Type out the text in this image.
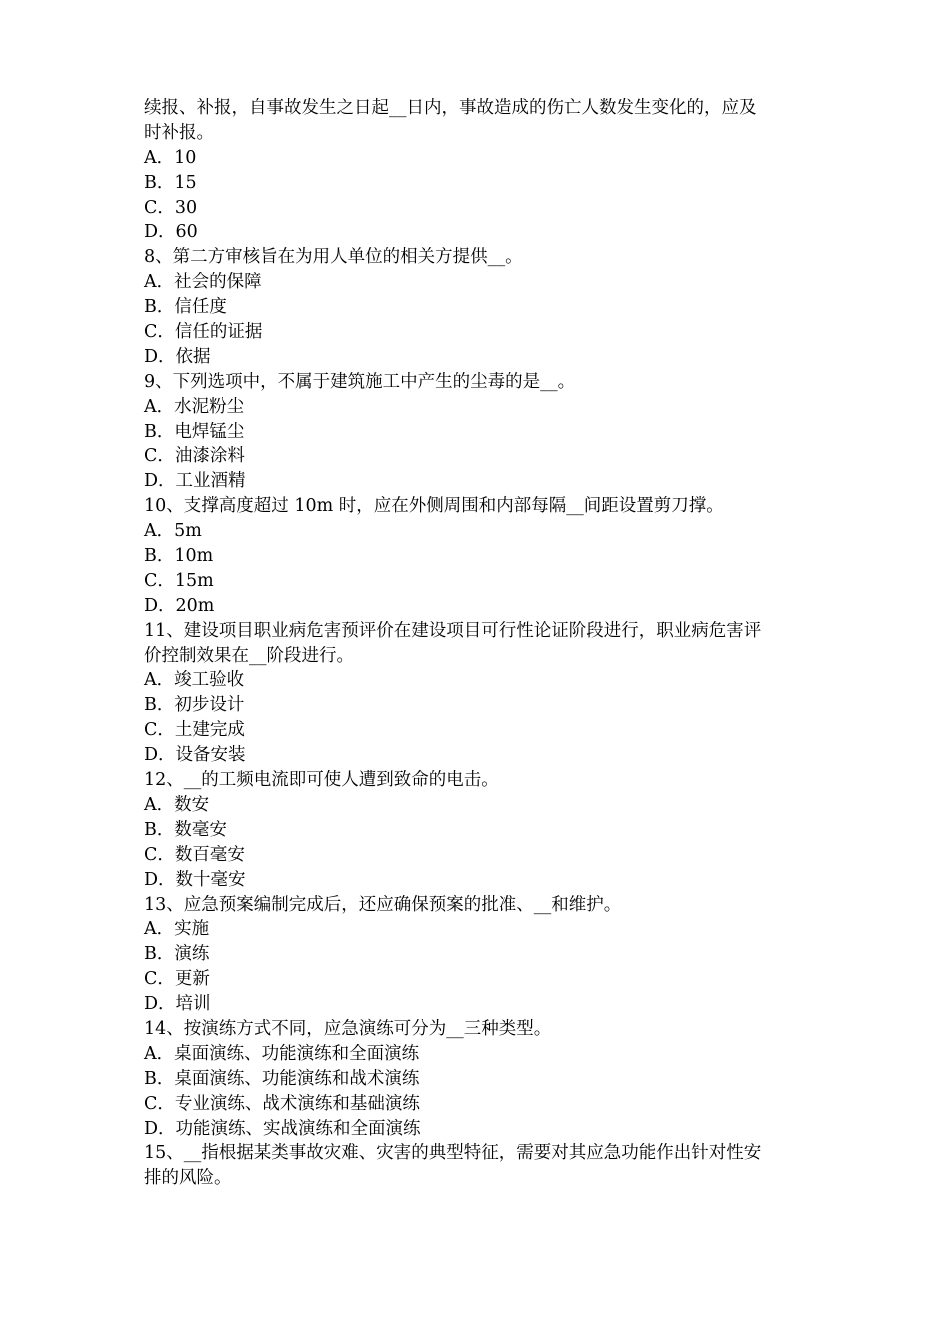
续报、补报，自事故发生之日起__日内，事故造成的伤亡人数发生变化的，应及
时补报。
A．10
B．15
C．30
D．60
8、第二方审核旨在为用人单位的相关方提供__。
A．社会的保障
B．信任度
C．信任的证据
D．依据
9、下列选项中，不属于建筑施工中产生的尘毒的是__。
A．水泥粉尘
B．电焊锰尘
C．油漆涂料
D．工业酒精
10、支撑高度超过 10m 时，应在外侧周围和内部每隔__间距设置剪刀撑。
A．5m
B．10m
C．15m
D．20m
11、建设项目职业病危害预评价在建设项目可行性论证阶段进行，职业病危害评
价控制效果在__阶段进行。
A．竣工验收
B．初步设计
C．土建完成
D．设备安装
12、__的工频电流即可使人遭到致命的电击。
A．数安
B．数毫安
C．数百毫安
D．数十毫安
13、应急预案编制完成后，还应确保预案的批准、__和维护。
A．实施
B．演练
C．更新
D．培训
14、按演练方式不同，应急演练可分为__三种类型。
A．桌面演练、功能演练和全面演练
B．桌面演练、功能演练和战术演练
C．专业演练、战术演练和基础演练
D．功能演练、实战演练和全面演练
15、__指根据某类事故灾难、灾害的典型特征，需要对其应急功能作出针对性安
排的风险。
